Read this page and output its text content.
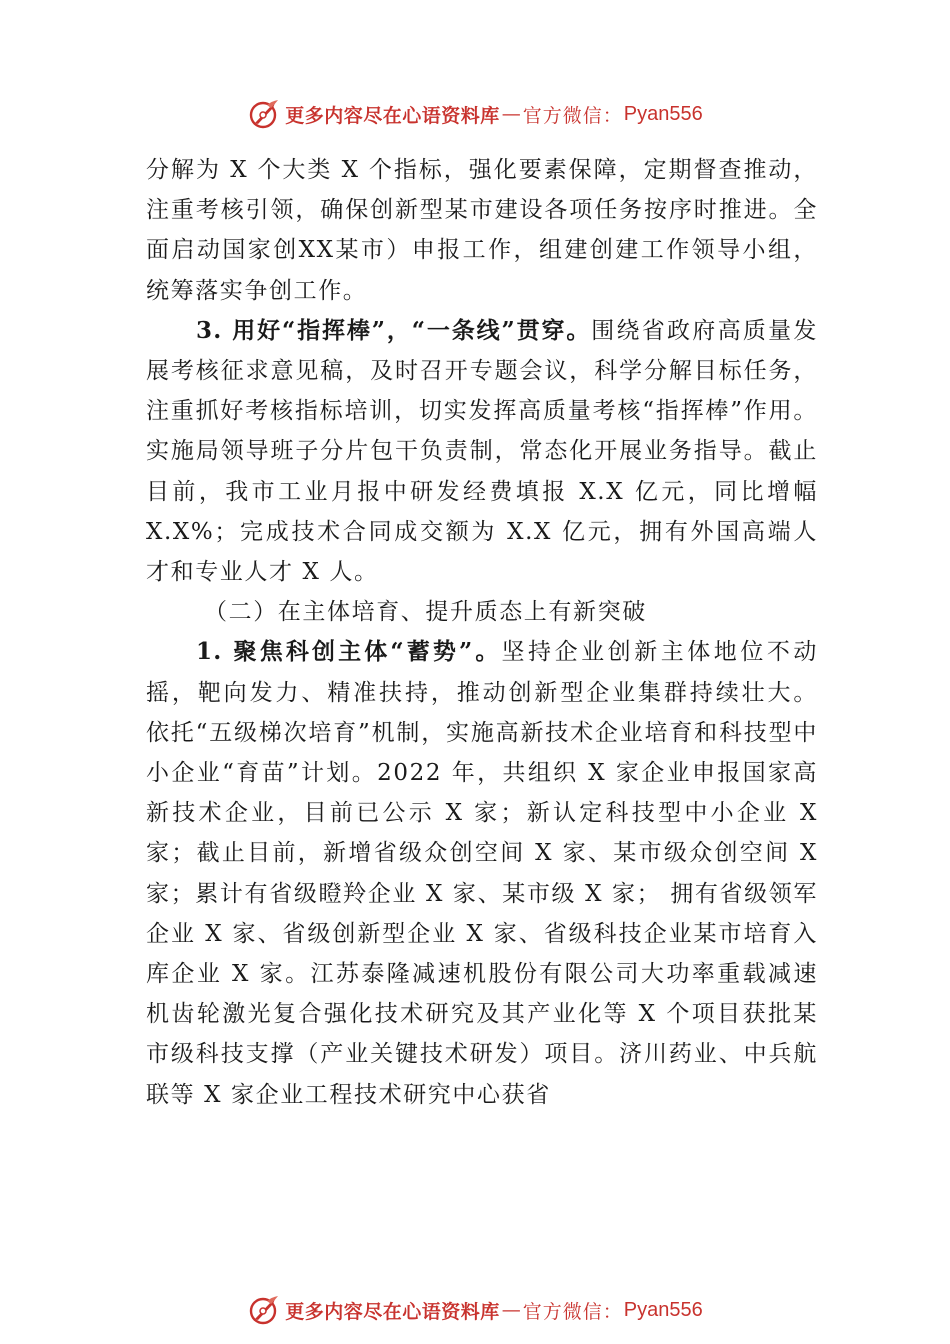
更多内容尽在心语资料库 — 官方微信 ： Pyan556

分解为 X 个大类 X 个指标，强化要素保障，定期督查推动，注重考核引领，确保创新型某市建设各项任务按序时推进。全面启动国家创XX某市）申报工作，组建创建工作领导小组，统筹落实争创工作。

3. 用好“指挥棒”，“一条线”贯穿。围绕省政府高质量发展考核征求意见稿，及时召开专题会议，科学分解目标任务，注重抓好考核指标培训，切实发挥高质量考核“指挥棒”作用。实施局领导班子分片包干负责制，常态化开展业务指导。截止目前，我市工业月报中研发经费填报 X.X 亿元，同比增幅 X.X%；完成技术合同成交额为 X.X 亿元，拥有外国高端人才和专业人才 X 人。

（二）在主体培育、提升质态上有新突破

1. 聚焦科创主体“蓄势”。坚持企业创新主体地位不动摇，靶向发力、精准扶持，推动创新型企业集群持续壮大。 依托“五级梯次培育”机制，实施高新技术企业培育和科技型中小企业“育苗”计划。2022 年，共组织 X 家企业申报国家高新技术企业，目前已公示 X 家；新认定科技型中小企业 X 家；截止目前，新增省级众创空间 X 家、某市级众创空间 X 家；累计有省级瞪羚企业 X 家、某市级 X 家； 拥有省级领军企业 X 家、省级创新型企业 X 家、省级科技企业某市培育入库企业 X 家。江苏泰隆减速机股份有限公司大功率重载减速机齿轮激光复合强化技术研究及其产业化等 X 个项目获批某市级科技支撑（产业关键技术研发）项目。济川药业、中兵航联等 X 家企业工程技术研究中心获省

更多内容尽在心语资料库 — 官方微信 ： Pyan556
